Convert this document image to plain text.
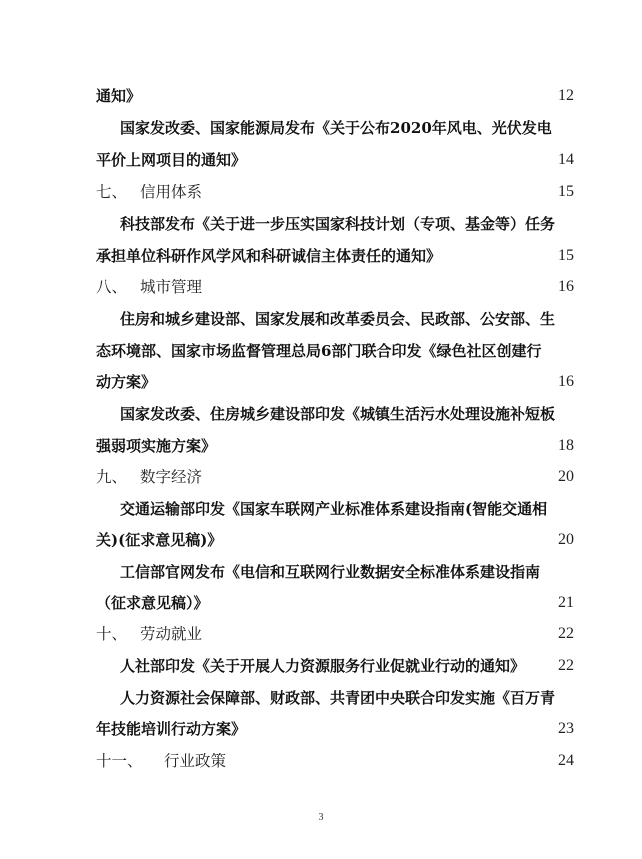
通知》	12
国家发改委、国家能源局发布《关于公布2020年风电、光伏发电
平价上网项目的通知》	14
七、 信用体系	15
科技部发布《关于进一步压实国家科技计划（专项、基金等）任务
承担单位科研作风学风和科研诚信主体责任的通知》	15
八、 城市管理	16
住房和城乡建设部、国家发展和改革委员会、民政部、公安部、生
态环境部、国家市场监督管理总局6部门联合印发《绿色社区创建行
动方案》	16
国家发改委、住房城乡建设部印发《城镇生活污水处理设施补短板
强弱项实施方案》	18
九、 数字经济	20
交通运输部印发《国家车联网产业标准体系建设指南(智能交通相
关)(征求意见稿)》	20
工信部官网发布《电信和互联网行业数据安全标准体系建设指南
（征求意见稿）》	21
十、 劳动就业	22
人社部印发《关于开展人力资源服务行业促就业行动的通知》 22
人力资源社会保障部、财政部、共青团中央联合印发实施《百万青
年技能培训行动方案》	23
十一、 行业政策	24
3
